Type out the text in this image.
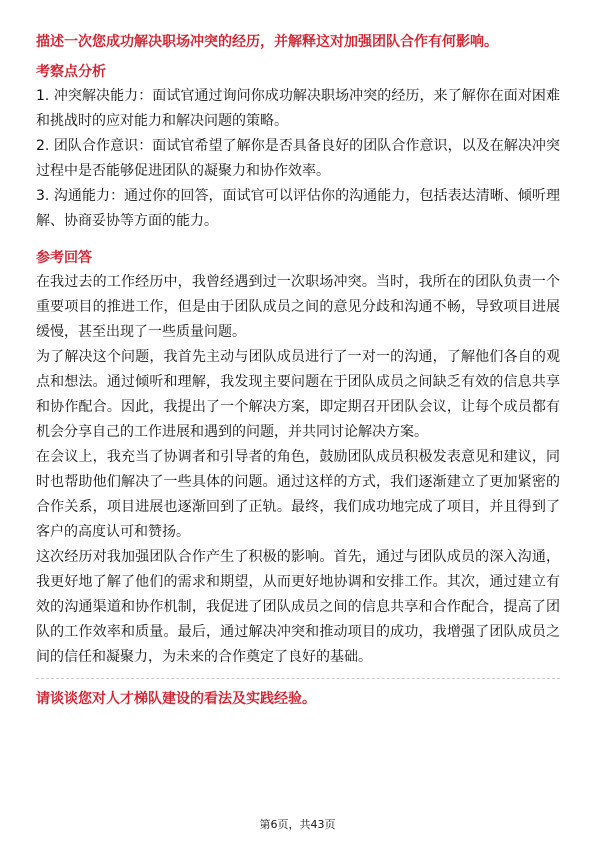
描述一次您成功解决职场冲突的经历，并解释这对加强团队合作有何影响。

考察点分析

1. 冲突解决能力：面试官通过询问你成功解决职场冲突的经历，来了解你在面对困难和挑战时的应对能力和解决问题的策略。

2. 团队合作意识：面试官希望了解你是否具备良好的团队合作意识，以及在解决冲突过程中是否能够促进团队的凝聚力和协作效率。

3. 沟通能力：通过你的回答，面试官可以评估你的沟通能力，包括表达清晰、倾听理解、协商妥协等方面的能力。

参考回答

在我过去的工作经历中，我曾经遇到过一次职场冲突。当时，我所在的团队负责一个重要项目的推进工作，但是由于团队成员之间的意见分歧和沟通不畅，导致项目进展缓慢，甚至出现了一些质量问题。

为了解决这个问题，我首先主动与团队成员进行了一对一的沟通，了解他们各自的观点和想法。通过倾听和理解，我发现主要问题在于团队成员之间缺乏有效的信息共享和协作配合。因此，我提出了一个解决方案，即定期召开团队会议，让每个成员都有机会分享自己的工作进展和遇到的问题，并共同讨论解决方案。

在会议上，我充当了协调者和引导者的角色，鼓励团队成员积极发表意见和建议，同时也帮助他们解决了一些具体的问题。通过这样的方式，我们逐渐建立了更加紧密的合作关系，项目进展也逐渐回到了正轨。最终，我们成功地完成了项目，并且得到了客户的高度认可和赞扬。

这次经历对我加强团队合作产生了积极的影响。首先，通过与团队成员的深入沟通，我更好地了解了他们的需求和期望，从而更好地协调和安排工作。其次，通过建立有效的沟通渠道和协作机制，我促进了团队成员之间的信息共享和合作配合，提高了团队的工作效率和质量。最后，通过解决冲突和推动项目的成功，我增强了团队成员之间的信任和凝聚力，为未来的合作奠定了良好的基础。

请谈谈您对人才梯队建设的看法及实践经验。

第6页，共43页
